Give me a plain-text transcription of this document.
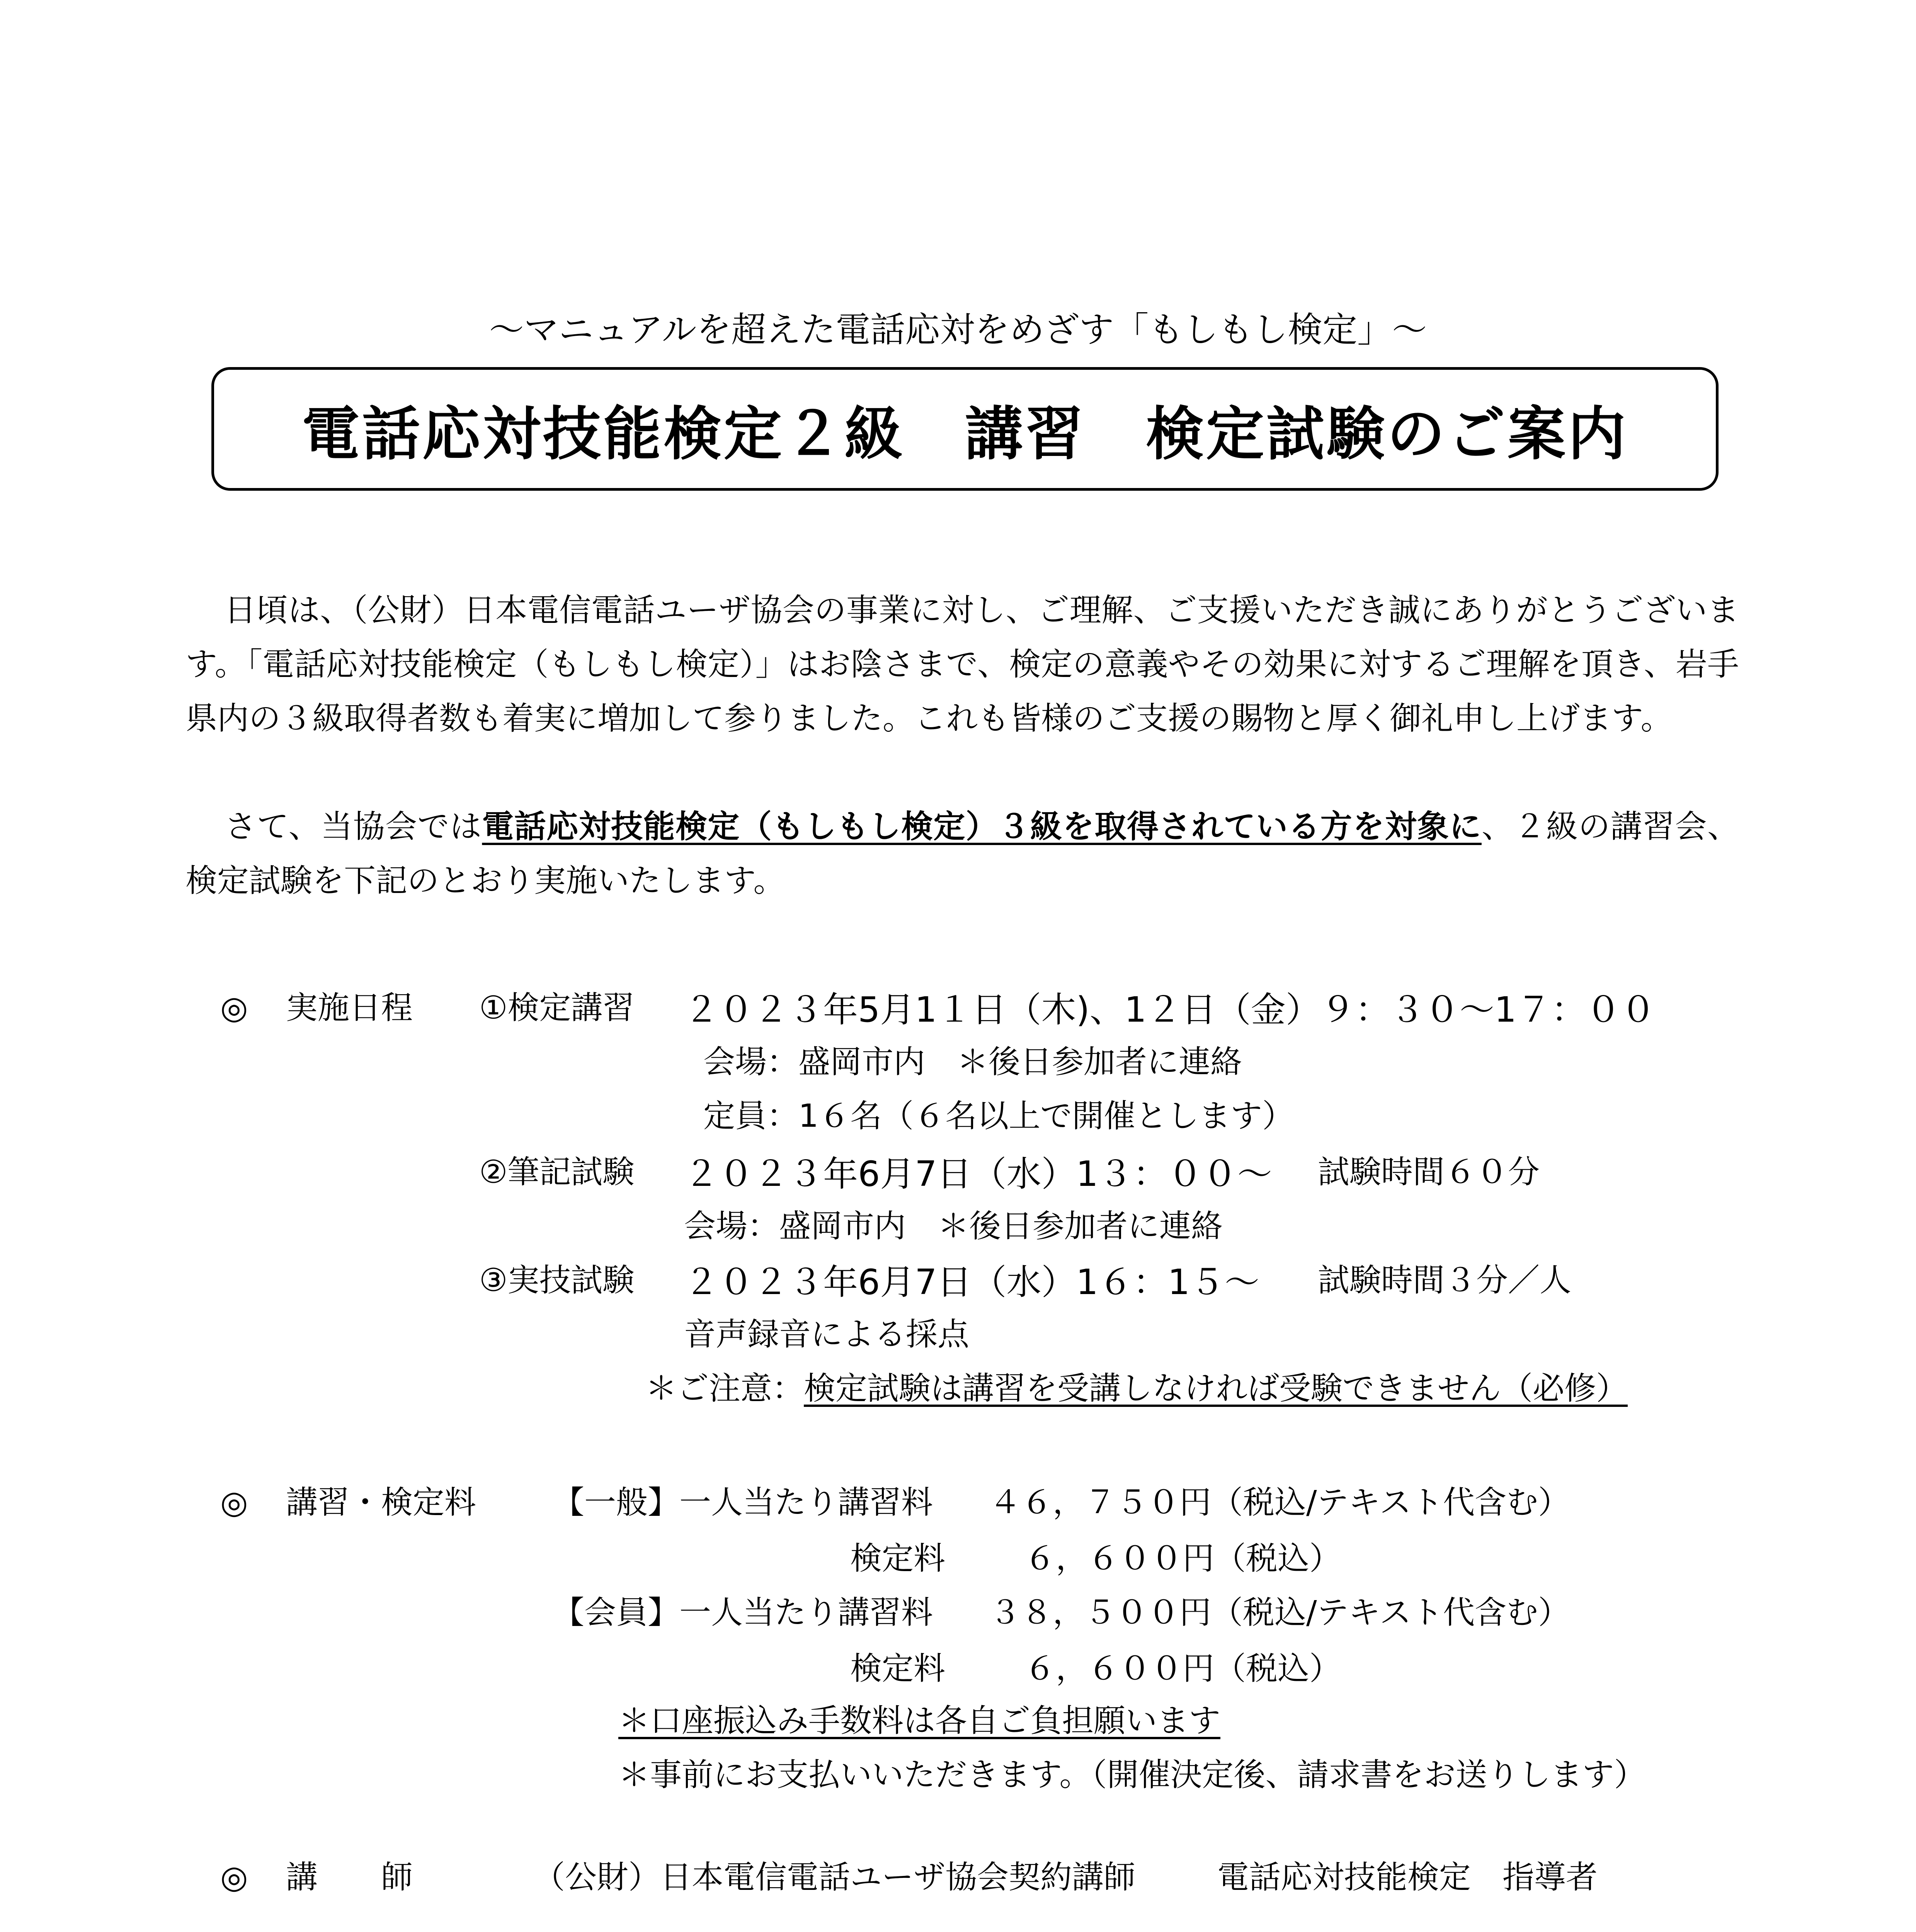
～マニュアルを超えた電話応対をめざす「もしもし検定」～
電話応対技能検定２級　講習　検定試験のご案内
日頃は、（公財）日本電信電話ユーザ協会の事業に対し、ご理解、ご支援いただき誠にありがとうございます。「電話応対技能検定（もしもし検定）」はお陰さまで、検定の意義やその効果に対するご理解を頂き、岩手県内の３級取得者数も着実に増加して参りました。これも皆様のご支援の賜物と厚く御礼申し上げます。
さて、当協会では電話応対技能検定（もしもし検定）３級を取得されている方を対象に、２級の講習会、検定試験を下記のとおり実施いたします。
◎ 実施日程 ①検定講習 ２０２３年5月1１日（木)、1２日（金）９：３０～1７：００
会場：盛岡市内　＊後日参加者に連絡
定員：1６名（６名以上で開催とします）
②筆記試験 ２０２３年6月7日（水）1３：００～ 試験時間６０分
会場：盛岡市内　＊後日参加者に連絡
③実技試験 ２０２３年6月7日（水）1６：1５～ 試験時間３分／人
音声録音による採点
＊ご注意：検定試験は講習を受講しなければ受験できません（必修）
◎ 講習・検定料 【一般】一人当たり講習料 ４６，７５０円（税込/テキスト代含む）
検定料 ６，６００円（税込）
【会員】一人当たり講習料 ３８，５００円（税込/テキスト代含む）
検定料 ６，６００円（税込）
＊口座振込み手数料は各自ご負担願います
＊事前にお支払いいただきます。（開催決定後、請求書をお送りします）
◎ 講　　師	（公財）日本電信電話ユーザ協会契約講師	電話応対技能検定　指導者
